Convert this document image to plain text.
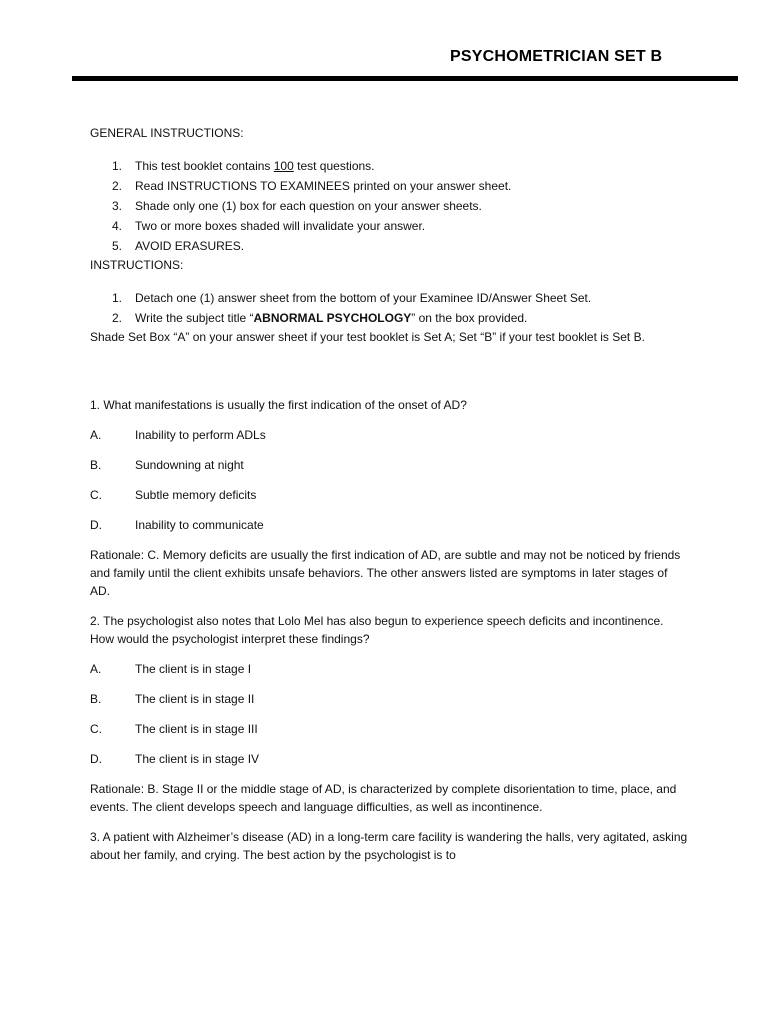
PSYCHOMETRICIAN SET B
GENERAL INSTRUCTIONS:
1. This test booklet contains 100 test questions.
2. Read INSTRUCTIONS TO EXAMINEES printed on your answer sheet.
3. Shade only one (1) box for each question on your answer sheets.
4. Two or more boxes shaded will invalidate your answer.
5. AVOID ERASURES.
INSTRUCTIONS:
1. Detach one (1) answer sheet from the bottom of your Examinee ID/Answer Sheet Set.
2. Write the subject title “ABNORMAL PSYCHOLOGY” on the box provided.
Shade Set Box “A” on your answer sheet if your test booklet is Set A; Set “B” if your test booklet is Set B.
1. What manifestations is usually the first indication of the onset of AD?
A.	Inability to perform ADLs
B.	Sundowning at night
C.	Subtle memory deficits
D.	Inability to communicate
Rationale: C. Memory deficits are usually the first indication of AD, are subtle and may not be noticed by friends and family until the client exhibits unsafe behaviors. The other answers listed are symptoms in later stages of AD.
2. The psychologist also notes that Lolo Mel has also begun to experience speech deficits and incontinence. How would the psychologist interpret these findings?
A.	The client is in stage I
B.	The client is in stage II
C.	The client is in stage III
D.	The client is in stage IV
Rationale: B. Stage II or the middle stage of AD, is characterized by complete disorientation to time, place, and events. The client develops speech and language difficulties, as well as incontinence.
3. A patient with Alzheimer’s disease (AD) in a long-term care facility is wandering the halls, very agitated, asking about her family, and crying. The best action by the psychologist is to
